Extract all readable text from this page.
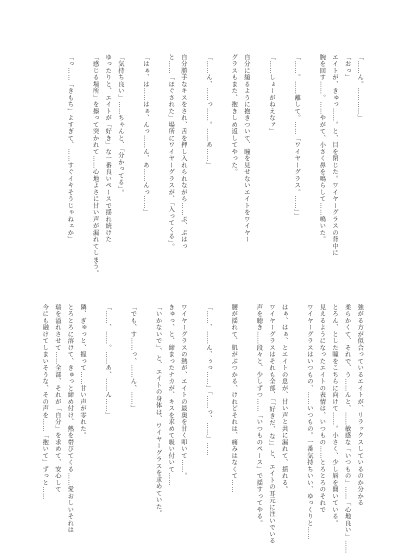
「……ん。…………」
「おっ」
エイトが、きゅっ……。と、目を閉じた。ワイヤーグラスの背中に
腕を回す……。……やがて、小さく鼻を鳴らして……鳴いた。
「……。……離して。……「ワイヤーグラス。……」」
「……しょーがねえなァ」
自分に縋るように抱きついて、瞳を見せないエイトをワイヤー
グラスもまた、抱きしめ返してやった。
「……ん、……っ……。……あ……」
自分勝手なキスをされ、舌を押し入れられながら……ぷ、ぷはっ
と……「ほぐされた」場所にワイヤーグラスが、「入ってくる」。
「はぁ、は……はぁ、んっ……ん、あ……んっ……」
「気持ち良い」……ちゃんと、「分かってる」。
ゆったりと、エイトが「好き」な一番良いペースで揺れ続けた
「感じる場所」を擦って突かれて……心地よさに甘い声が漏れてしまう。
「っ……「きもち」よすぎて、……すぐイキそうじゃねェか」
強がる方が似合っているエイトが、リラックスしているのか分かる
柔らかくて、それで、う……んと、……敏感な「いつもの」……「心地良い」……
とろん、とした瞳をこちらに向けて……。小さく、少し唇を開いている。
見えるようになったエイトの表情は、いつもの……とろとろのそれで
ワイヤーグラスはいつもの、……いつもの。一番気持ちいい、ゆっくりと……
はぁ、はぁ、とエイトの息が、甘い声と共に漏れて、揺れる。
ワイヤーグラスはそれも全部、「「好きだ、な」」と、エイトの耳元に注いでいる
声を聴き……段々と、少しずつ……「いつものペース」で揺すってやる。
腰が揺れて、肌がぶつかる、けれどそれは、痛みはなくて……
「……、……ん、ぅっ……」「……っ、……」……
ワイヤーグラスの熱が、エイトの最奥を甘く叩いて……。
きゅっ、と、締まったナカが、キスを求めて吸い付いて……
「いかないで」、と、エイトの身体は、ワイヤーグラスを求めていた。
「でも、す……っ、……ん、……」
「……、……。……あ、……ん……」
隣、ぎゅっと、握って……甘い声が零れた。
とろとろに溶けて、きゅっと締め付け、熱を帯びてくる……愛おしいそれは
瑞を溢れさせて……全部、それが「自分」を求めて、安心して
今にも融けてしまいそうな、その声を……「抱いて」ずっと……
